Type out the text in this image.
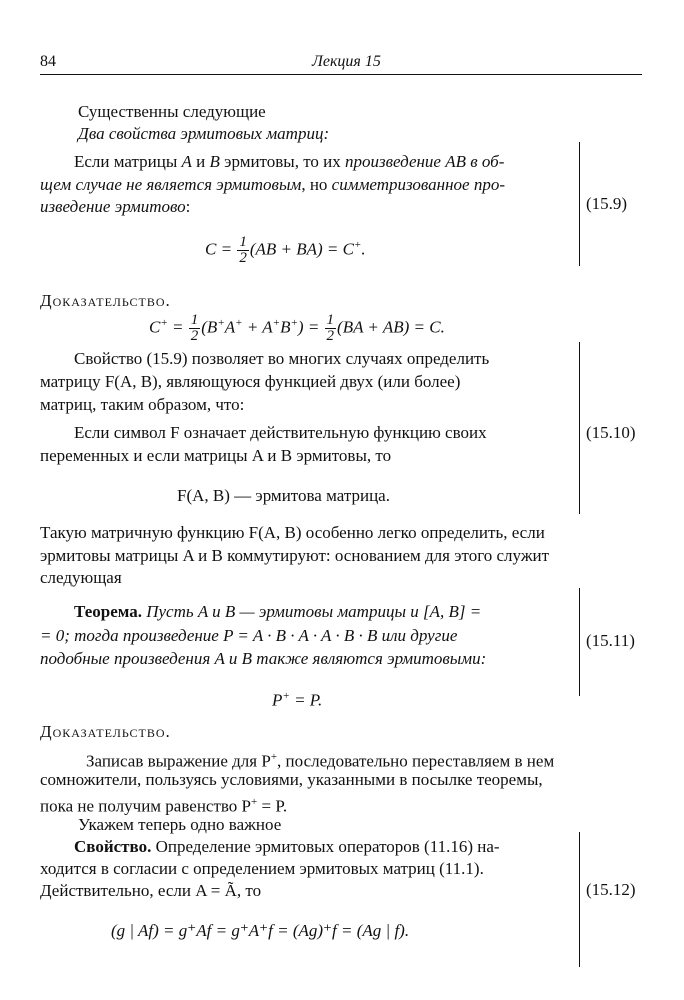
84	Лекция 15
Существенны следующие
Два свойства эрмитовых матриц:
Если матрицы A и B эрмитовы, то их произведение AB в об-
щем случае не является эрмитовым, но симметризованное про-
изведение эрмитово:
$C = \frac{1}{2} (AB + BA) = C^+$.
(15.9)
Доказательство.
$C^+ = \frac{1}{2} (B^+A^+ + A^+B^+) = \frac{1}{2} (BA + AB) = C$.
Свойство (15.9) позволяет во многих случаях определить
матрицу F(A, B), являющуюся функцией двух (или более)
матриц, таким образом, что:
Если символ F означает действительную функцию своих
переменных и если матрицы A и B эрмитовы, то
F(A, B) — эрмитова матрица.
(15.10)
Такую матричную функцию F(A, B) особенно легко определить, если
эрмитовы матрицы A и B коммутируют: основанием для этого служит
следующая
Теорема. Пусть A и B — эрмитовы матрицы и [A, B] =
= 0; тогда произведение P = A · B · A · A · B · B или другие
подобные произведения A и B также являются эрмитовыми:
P+ = P.
(15.11)
Доказательство.
Записав выражение для P+, последовательно переставляем в нем
сомножители, пользуясь условиями, указанными в посылке теоремы,
пока не получим равенство P+ = P.
Укажем теперь одно важное
Свойство. Определение эрмитовых операторов (11.16) на-
ходится в согласии с определением эрмитовых матриц (11.1).
Действительно, если A = Ã, то
(g | Af) = g⁺Af = g⁺A⁺f = (Ag)⁺f = (Ag | f).
(15.12)
